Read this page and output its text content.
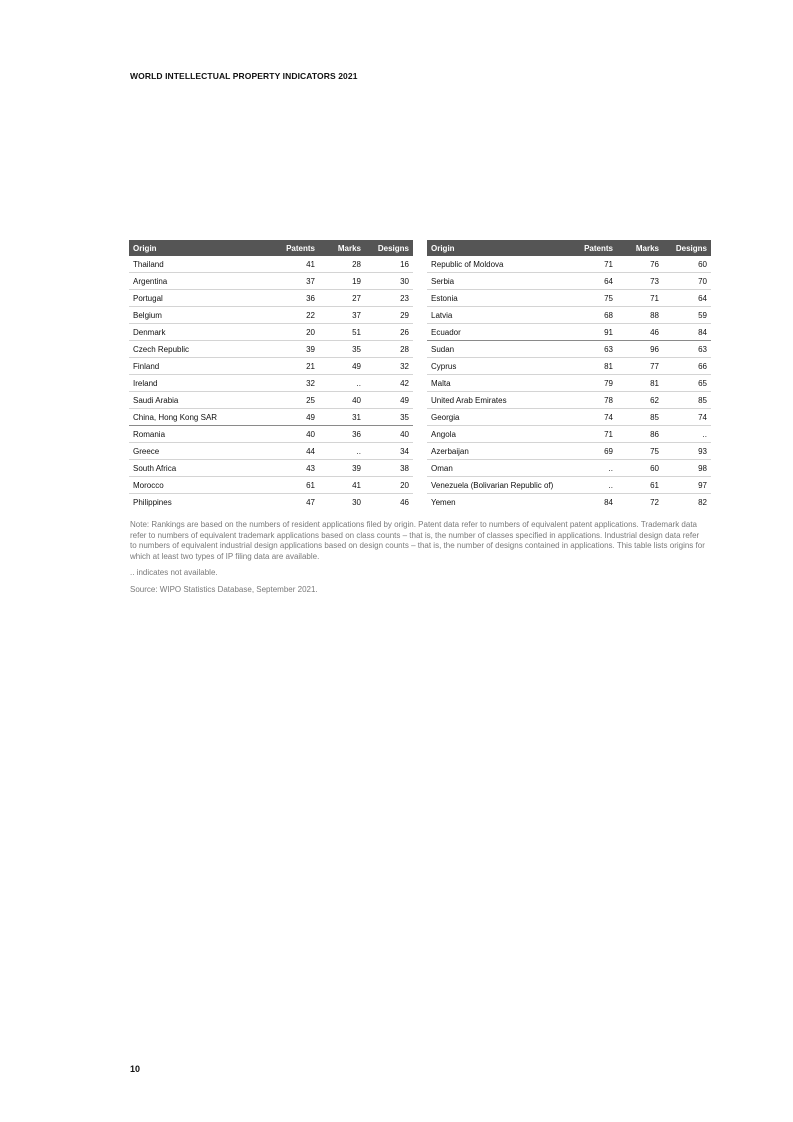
WORLD INTELLECTUAL PROPERTY INDICATORS 2021
Origin	Patents	Marks	Designs
Thailand	41	28	16
Argentina	37	19	30
Portugal	36	27	23
Belgium	22	37	29
Denmark	20	51	26
Czech Republic	39	35	28
Finland	21	49	32
Ireland	32	..	42
Saudi Arabia	25	40	49
China, Hong Kong SAR	49	31	35
Romania	40	36	40
Greece	44	..	34
South Africa	43	39	38
Morocco	61	41	20
Philippines	47	30	46
Origin	Patents	Marks	Designs
Republic of Moldova	71	76	60
Serbia	64	73	70
Estonia	75	71	64
Latvia	68	88	59
Ecuador	91	46	84
Sudan	63	96	63
Cyprus	81	77	66
Malta	79	81	65
United Arab Emirates	78	62	85
Georgia	74	85	74
Angola	71	86	..
Azerbaijan	69	75	93
Oman	..	60	98
Venezuela (Bolivarian Republic of)	..	61	97
Yemen	84	72	82

Note: Rankings are based on the numbers of resident applications filed by origin. Patent data refer to numbers of equivalent patent applications. Trademark data refer to numbers of equivalent trademark applications based on class counts – that is, the number of classes specified in applications. Industrial design data refer to numbers of equivalent industrial design applications based on design counts – that is, the number of designs contained in applications. This table lists origins for which at least two types of IP filing data are available.

.. indicates not available.

Source: WIPO Statistics Database, September 2021.

10
